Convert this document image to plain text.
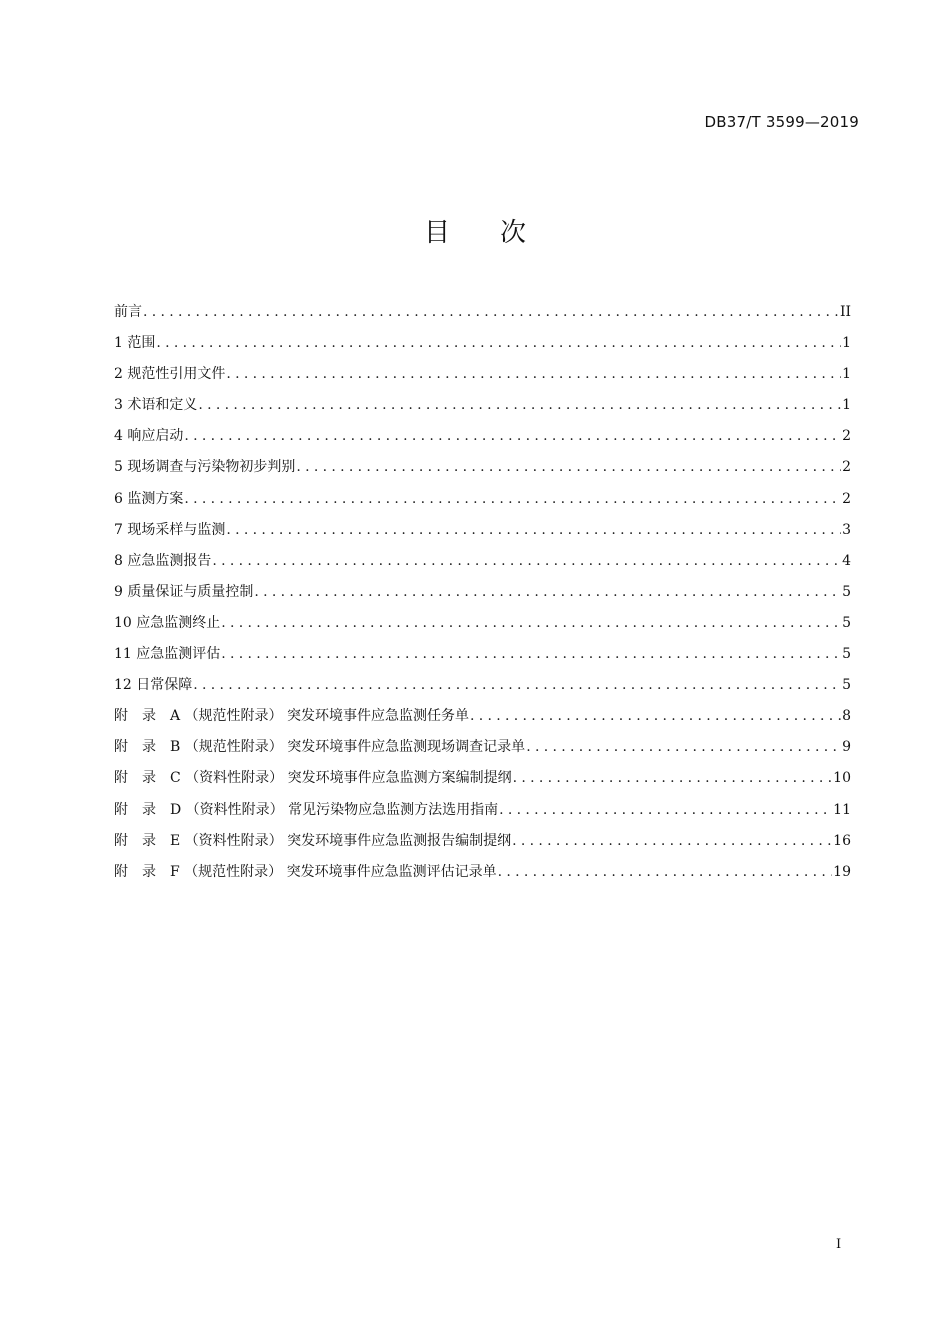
DB37/T 3599—2019
目次
前言 .....	II
1 范围 .....	1
2 规范性引用文件 .....	1
3 术语和定义 .....	1
4 响应启动 .....	2
5 现场调查与污染物初步判别 .....	2
6 监测方案 .....	2
7 现场采样与监测 .....	3
8 应急监测报告 .....	4
9 质量保证与质量控制 .....	5
10 应急监测终止 .....	5
11 应急监测评估 .....	5
12 日常保障 .....	5
附　录　A （规范性附录） 突发环境事件应急监测任务单 .....	8
附　录　B （规范性附录） 突发环境事件应急监测现场调查记录单 .....	9
附　录　C （资料性附录） 突发环境事件应急监测方案编制提纲 .....	10
附　录　D （资料性附录） 常见污染物应急监测方法选用指南 .....	11
附　录　E （资料性附录） 突发环境事件应急监测报告编制提纲 .....	16
附　录　F （规范性附录） 突发环境事件应急监测评估记录单 .....	19
I
